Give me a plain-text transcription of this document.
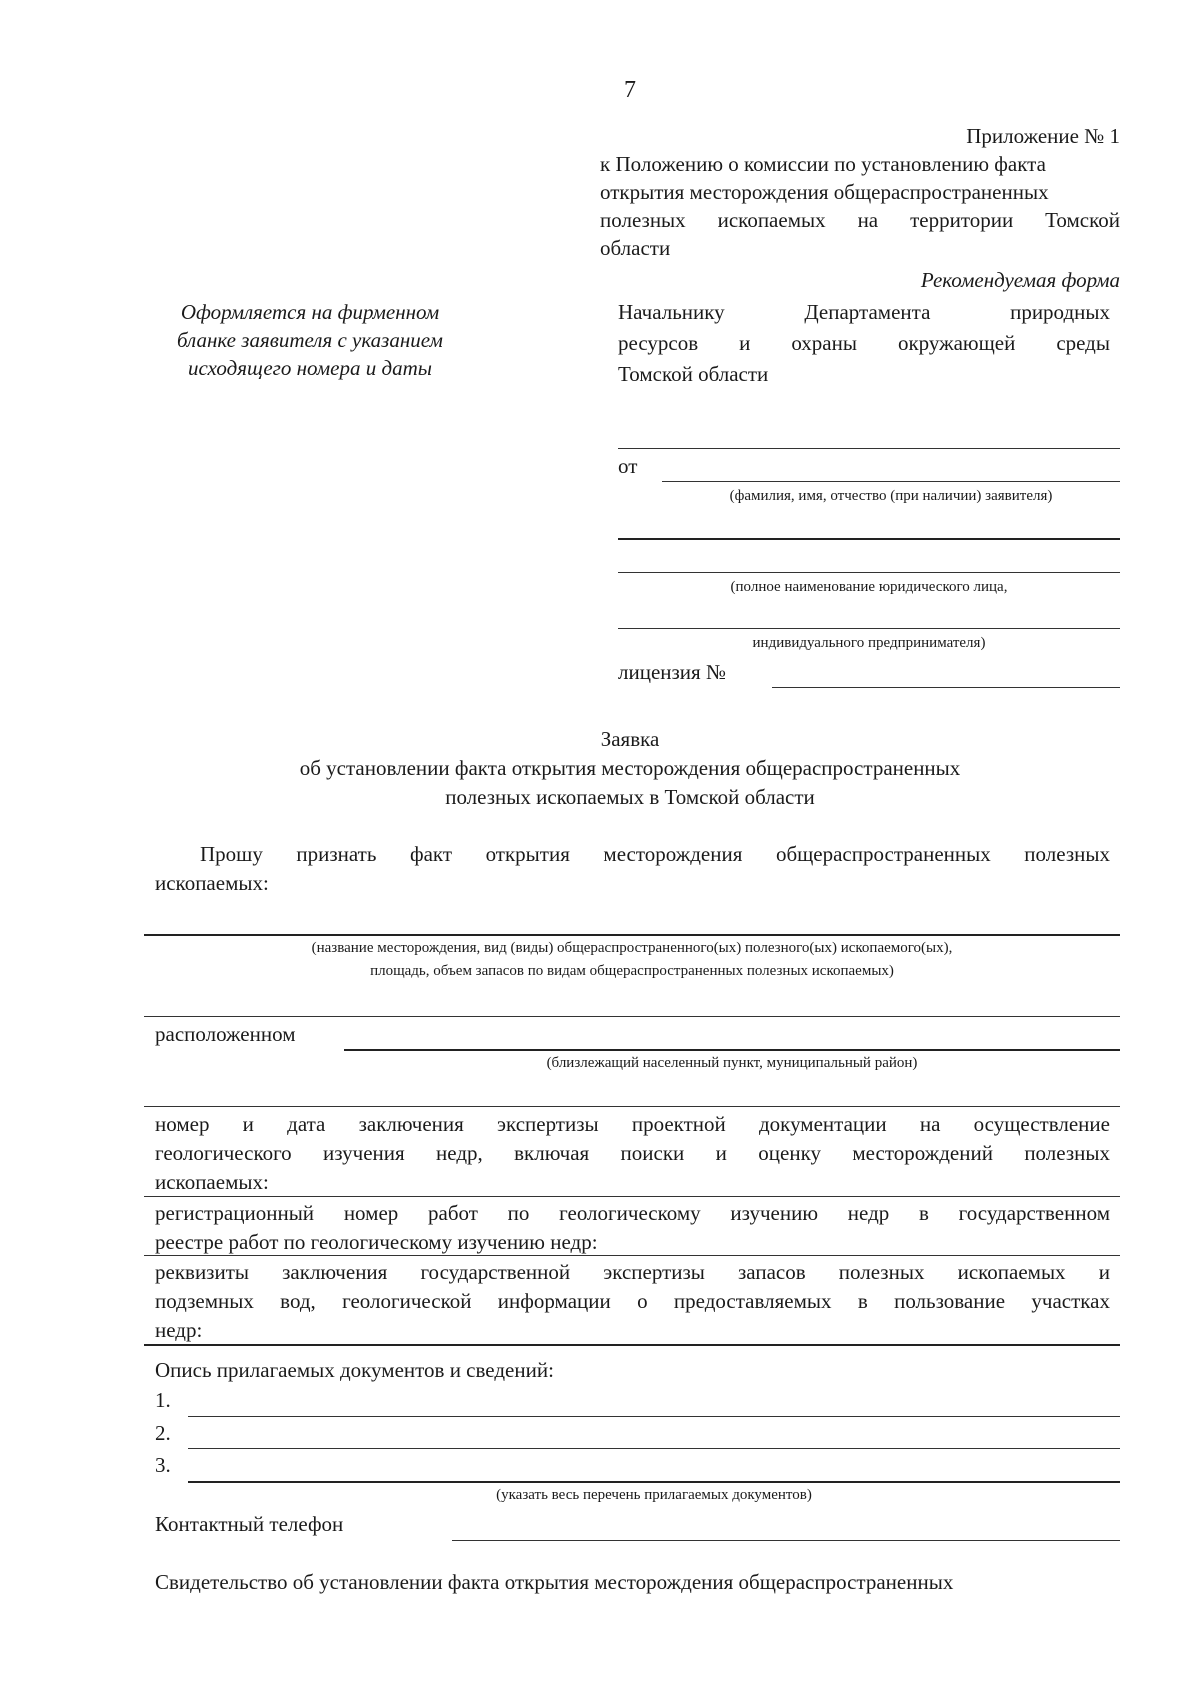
7
Приложение № 1
к Положению о комиссии по установлению факта
открытия месторождения общераспространенных
полезных ископаемых на территории Томской
области
Рекомендуемая форма
Оформляется на фирменном
бланке заявителя с указанием
исходящего номера и даты
Начальнику	Департамента	природных
ресурсов и охраны окружающей среды
Томской области
от
(фамилия, имя, отчество (при наличии) заявителя)
(полное наименование юридического лица,
индивидуального предпринимателя)
лицензия №
Заявка
об установлении факта открытия месторождения общераспространенных
полезных ископаемых в Томской области
Прошу признать факт открытия месторождения общераспространенных полезных
ископаемых:
(название месторождения, вид (виды) общераспространенного(ых) полезного(ых) ископаемого(ых),
площадь, объем запасов по видам общераспространенных полезных ископаемых)
расположенном
(близлежащий населенный пункт, муниципальный район)
номер и дата заключения экспертизы проектной документации на осуществление
геологического изучения недр, включая поиски и оценку месторождений полезных
ископаемых:
регистрационный номер работ по геологическому изучению недр в государственном
реестре работ по геологическому изучению недр:
реквизиты заключения государственной экспертизы запасов полезных ископаемых и
подземных вод, геологической информации о предоставляемых в пользование участках
недр:
Опись прилагаемых документов и сведений:
1.
2.
3.
(указать весь перечень прилагаемых документов)
Контактный телефон
Свидетельство об установлении факта открытия месторождения общераспространенных
